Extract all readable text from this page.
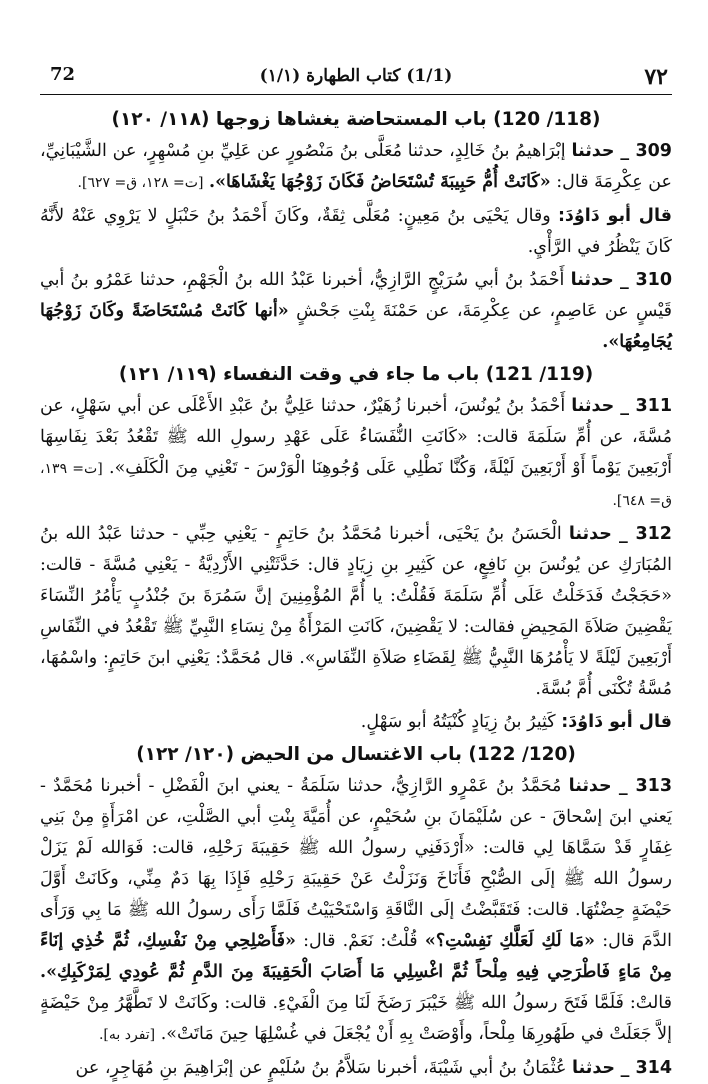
٧٢
(1/1) كتاب الطهارة (١/١)
72
(118/ 120) باب المستحاضة يغشاها زوجها (١١٨/ ١٢٠)

309 _ حدثنا إبْرَاهيمُ بنُ خَالِدٍ، حدثنا مُعَلَّى بنُ مَنْصُورٍ عن عَلِيِّ بنِ مُسْهِرٍ، عن الشَّيْبَانِيِّ، عن عِكْرِمَةَ قال: «كَانَتْ أُمُّ حَبِيبَةَ تُسْتَحَاضُ فَكَانَ زَوْجُهَا يَغْشَاهَا». [ت= ١٢٨، ق= ٦٢٧].

قال أبو دَاوُدَ: وقال يَحْيَى بنُ مَعِينٍ: مُعَلَّى ثِقَةٌ، وكَانَ أَحْمَدُ بنُ حَنْبَلٍ لا يَرْوِي عَنْهُ لأَنَّهُ كَانَ يَنْظُرُ في الرَّأْيِ.

310 _ حدثنا أَحْمَدُ بنُ أبي سُرَيْجٍ الرَّازِيُّ، أخبرنا عَبْدُ الله بنُ الْجَهْمِ، حدثنا عَمْرُو بنُ أبي قَيْسٍ عن عَاصِمٍ، عن عِكْرِمَةَ، عن حَمْنَةَ بِنْتِ جَحْشٍ «أنها كَانَتْ مُسْتَحَاضَةً وكَانَ زَوْجُهَا يُجَامِعُهَا».

(119/ 121) باب ما جاء في وقت النفساء (١١٩/ ١٢١)

311 _ حدثنا أَحْمَدُ بنُ يُونُسَ، أخبرنا زُهَيْرٌ، حدثنا عَلِيُّ بنُ عَبْدِ الأَعْلَى عن أبي سَهْلٍ، عن مُسَّةَ، عن أُمِّ سَلَمَةَ قالت: «كَانَتِ النُّفَسَاءُ عَلَى عَهْدِ رسولِ الله ﷺ تَقْعُدُ بَعْدَ نِفَاسِهَا أَرْبَعِينَ يَوْماً أَوْ أَرْبَعِينَ لَيْلَةً، وَكُنَّا نَطْلِي عَلَى وُجُوهِنَا الْوَرْسَ - تَعْنِي مِنَ الْكَلَفِ». [ت= ١٣٩، ق= ٦٤٨].

312 _ حدثنا الْحَسَنُ بنُ يَحْيَى، أخبرنا مُحَمَّدُ بنُ حَاتِمٍ - يَعْنِي حِبِّي - حدثنا عَبْدُ الله بنُ المُبَارَكِ عن يُونُسَ بنِ نَافِعٍ، عن كَثِيرِ بنِ زِيَادٍ قال: حَدَّثَتْنِي الأَزْدِيَّةُ - يَعْنِي مُسَّةَ - قالت: «حَجَجْتُ فَدَخَلْتُ عَلَى أُمِّ سَلَمَةَ فَقُلْتُ: يا أُمَّ المُؤْمِنِينَ إنَّ سَمُرَةَ بنَ جُنْدُبٍ يَأْمُرُ النِّسَاءَ يَقْضِينَ صَلاَةَ المَحِيضِ فقالت: لا يَقْضِينَ، كَانَتِ المَرْأَةُ مِنْ نِسَاءِ النَّبِيِّ ﷺ تَقْعُدُ في النِّفَاسِ أَرْبَعِينَ لَيْلَةً لا يَأْمُرُهَا النَّبِيُّ ﷺ لِقَضَاءِ صَلاَةِ النِّفَاسِ». قال مُحَمَّدٌ: يَعْنِي ابنَ حَاتِمٍ: واسْمُهَا، مُسَّةُ تُكْنَى أُمَّ بُسَّةَ.

قال أبو دَاوُدَ: كَثِيرُ بنُ زِيَادٍ كُنْيَتُهُ أبو سَهْلٍ.

(120/ 122) باب الاغتسال من الحيض (١٢٠/ ١٢٢)

313 _ حدثنا مُحَمَّدُ بنُ عَمْرٍو الرَّازِيُّ، حدثنا سَلَمَةُ - يعني ابنَ الْفَضْلِ - أخبرنا مُحَمَّدٌ - يَعني ابنَ إسْحاقَ - عن سُلَيْمَانَ بنِ سُحَيْمٍ، عن أُمَيَّةَ بِنْتِ أبي الصَّلْتِ، عن امْرَأَةٍ مِنْ بَنِي غِفَارٍ قَدْ سَمَّاهَا لِي قالت: «أَرْدَفَنِي رسولُ الله ﷺ حَقِيبَةَ رَحْلِهِ، قالت: فَوَالله لَمْ يَزَلْ رسولُ الله ﷺ إلَى الصُّبْحِ فَأَنَاخَ وَنَزَلْتُ عَنْ حَقِيبَةِ رَحْلِهِ فَإِذَا بِهَا دَمٌ مِنِّي، وكَانَتْ أَوَّلَ حَيْضَةٍ حِضْتُهَا. قالت: فَتَقَبَّضْتُ إلَى النَّاقَةِ وَاسْتَحْيَيْتُ فَلَمَّا رَأَى رسولُ الله ﷺ مَا بِي وَرَأَى الدَّمَ قال: «مَا لَكِ لَعَلَّكِ نَفِسْتِ؟» قُلْتُ: نَعَمْ. قال: «فَأَصْلِحِي مِنْ نَفْسِكِ، ثُمَّ خُذِي إنَاءً مِنْ مَاءٍ فَاطْرَحِي فِيهِ مِلْحاً ثُمَّ اغْسِلِي مَا أَصَابَ الْحَقِيبَةَ مِنَ الدَّمِ ثُمَّ عُودِي لِمَرْكَبِكِ». قالتْ: فَلَمَّا فَتَحَ رسولُ الله ﷺ خَيْبَرَ رَضَخَ لَنَا مِنَ الْفَيْءِ. قالت: وكَانَتْ لا تَطَّهَّرُ مِنْ حَيْضَةٍ إلاَّ جَعَلَتْ في طَهُورِهَا مِلْحاً، وأَوْصَتْ بِهِ أَنْ يُجْعَلَ في غُسْلِهَا حِينَ مَاتَتْ». [تفرد به].

314 _ حدثنا عُثْمَانُ بنُ أبي شَيْبَةَ، أخبرنا سَلاَّمُ بنُ سُلَيْمٍ عن إبْرَاهِيمَ بنِ مُهَاجِرٍ، عن
